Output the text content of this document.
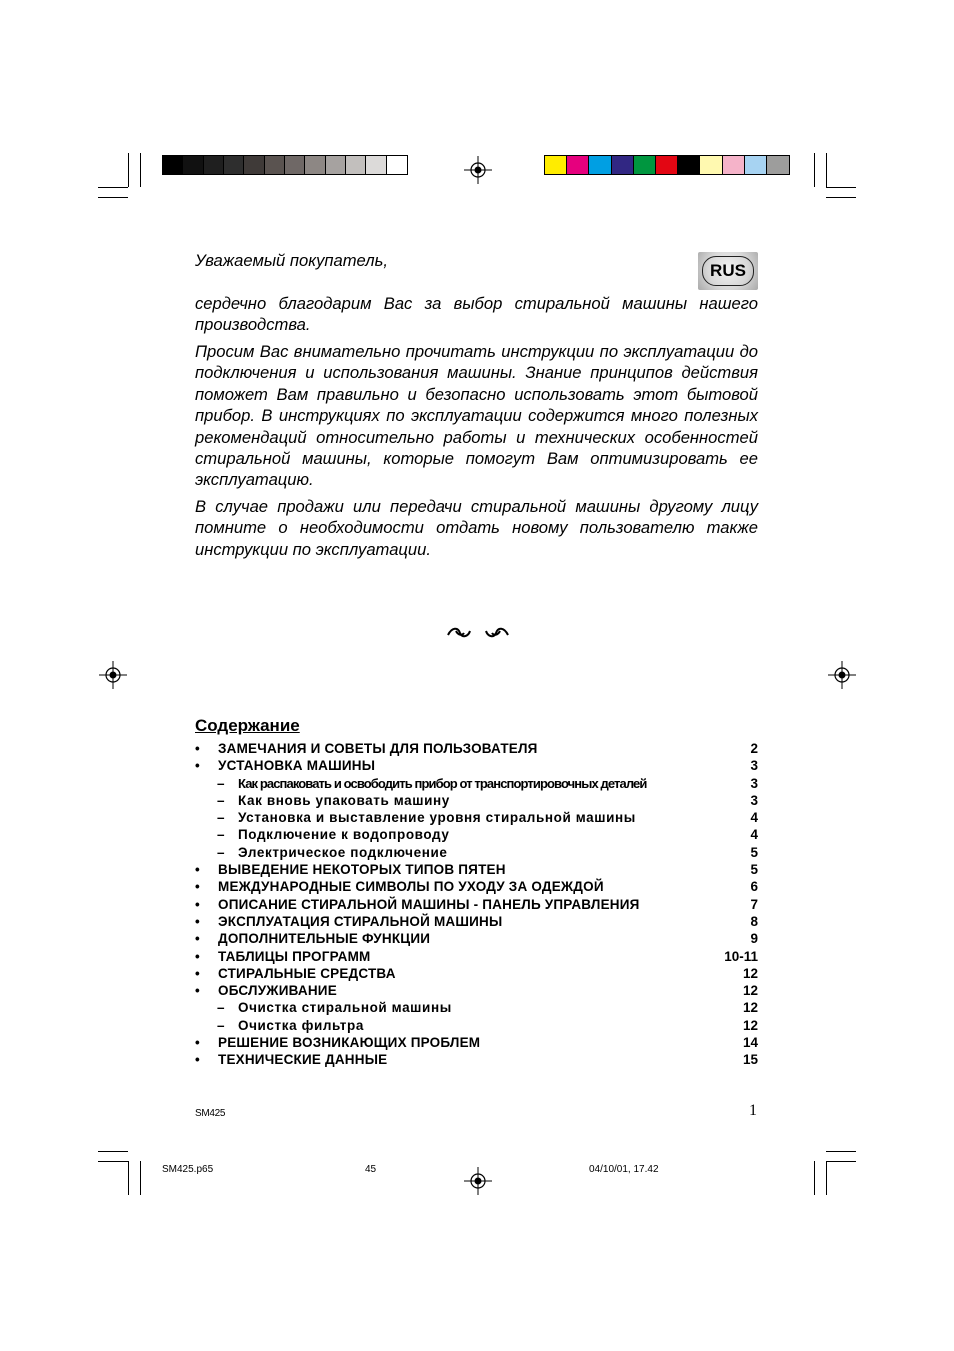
Уважаемый покупатель,

RUS

сердечно благодарим Вас за выбор стиральной машины нашего производства.

Просим Вас внимательно прочитать инструкции по эксплуатации до подключения и использования машины. Знание принципов действия поможет Вам правильно и безопасно использовать этот бытовой прибор. В инструкциях по эксплуатации содержится много полезных рекомендаций относительно работы и технических особенностей стиральной машины, которые помогут Вам оптимизировать ее эксплуатацию.

В случае продажи или передачи стиральной машины другому лицу помните о необходимости отдать новому пользователю также инструкции по эксплуатации.

Содержание
• ЗАМЕЧАНИЯ И СОВЕТЫ ДЛЯ ПОЛЬЗОВАТЕЛЯ	2
• УСТАНОВКА МАШИНЫ	3
– Как распаковать и освободить прибор от транспортировочных деталей	3
– Как вновь упаковать машину	3
– Установка и выставление уровня стиральной машины	4
– Подключение к водопроводу	4
– Электрическое подключение	5
• ВЫВЕДЕНИЕ НЕКОТОРЫХ ТИПОВ ПЯТЕН	5
• МЕЖДУНАРОДНЫЕ СИМВОЛЫ ПО УХОДУ ЗА ОДЕЖДОЙ	6
• ОПИСАНИЕ СТИРАЛЬНОЙ МАШИНЫ - ПАНЕЛЬ УПРАВЛЕНИЯ	7
• ЭКСПЛУАТАЦИЯ СТИРАЛЬНОЙ МАШИНЫ	8
• ДОПОЛНИТЕЛЬНЫЕ ФУНКЦИИ	9
• ТАБЛИЦЫ ПРОГРАММ	10-11
• СТИРАЛЬНЫЕ СРЕДСТВА	12
• ОБСЛУЖИВАНИЕ	12
– Очистка стиральной машины	12
– Очистка фильтра	12
• РЕШЕНИЕ ВОЗНИКАЮЩИХ ПРОБЛЕМ	14
• ТЕХНИЧЕСКИЕ ДАННЫЕ	15
SM425	1
SM425.p65	45	04/10/01, 17.42
